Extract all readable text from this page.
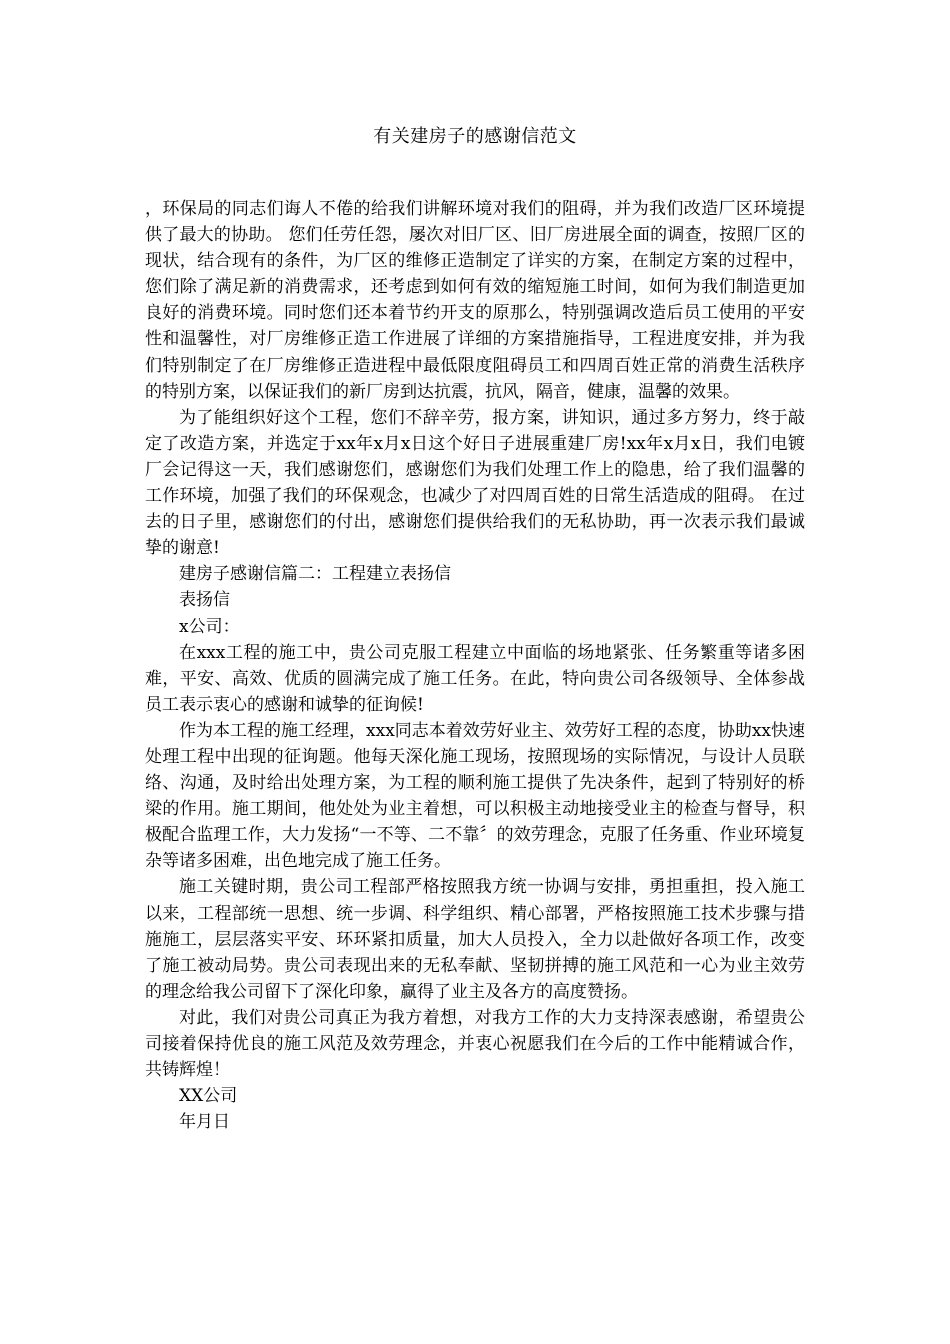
有关建房子的感谢信范文

，环保局的同志们诲人不倦的给我们讲解环境对我们的阻碍，并为我们改造厂区环境提供了最大的协助。 您们任劳任怨，屡次对旧厂区、旧厂房进展全面的调查，按照厂区的现状，结合现有的条件，为厂区的维修正造制定了详实的方案，在制定方案的过程中，您们除了满足新的消费需求，还考虑到如何有效的缩短施工时间，如何为我们制造更加良好的消费环境。同时您们还本着节约开支的原那么，特别强调改造后员工使用的平安性和温馨性，对厂房维修正造工作进展了详细的方案措施指导，工程进度安排，并为我们特别制定了在厂房维修正造进程中最低限度阻碍员工和四周百姓正常的消费生活秩序的特别方案，以保证我们的新厂房到达抗震，抗风，隔音，健康，温馨的效果。

为了能组织好这个工程，您们不辞辛劳，报方案，讲知识，通过多方努力，终于敲定了改造方案，并选定于xx年x月x日这个好日子进展重建厂房!xx年x月x日，我们电镀厂会记得这一天，我们感谢您们，感谢您们为我们处理工作上的隐患，给了我们温馨的工作环境，加强了我们的环保观念，也减少了对四周百姓的日常生活造成的阻碍。 在过去的日子里，感谢您们的付出，感谢您们提供给我们的无私协助，再一次表示我们最诚挚的谢意!

建房子感谢信篇二：工程建立表扬信

表扬信

x公司：

在xxx工程的施工中，贵公司克服工程建立中面临的场地紧张、任务繁重等诸多困难，平安、高效、优质的圆满完成了施工任务。在此，特向贵公司各级领导、全体参战员工表示衷心的感谢和诚挚的征询候!

作为本工程的施工经理，xxx同志本着效劳好业主、效劳好工程的态度，协助xx快速处理工程中出现的征询题。他每天深化施工现场，按照现场的实际情况，与设计人员联络、沟通，及时给出处理方案，为工程的顺利施工提供了先决条件，起到了特别好的桥梁的作用。施工期间，他处处为业主着想，可以积极主动地接受业主的检查与督导，积极配合监理工作，大力发扬“一不等、二不靠〞的效劳理念，克服了任务重、作业环境复杂等诸多困难，出色地完成了施工任务。

施工关键时期，贵公司工程部严格按照我方统一协调与安排，勇担重担，投入施工以来，工程部统一思想、统一步调、科学组织、精心部署，严格按照施工技术步骤与措施施工，层层落实平安、环环紧扣质量，加大人员投入，全力以赴做好各项工作，改变了施工被动局势。贵公司表现出来的无私奉献、坚韧拼搏的施工风范和一心为业主效劳的理念给我公司留下了深化印象，赢得了业主及各方的高度赞扬。

对此，我们对贵公司真正为我方着想，对我方工作的大力支持深表感谢，希望贵公司接着保持优良的施工风范及效劳理念，并衷心祝愿我们在今后的工作中能精诚合作，共铸辉煌！

XX公司

年月日
